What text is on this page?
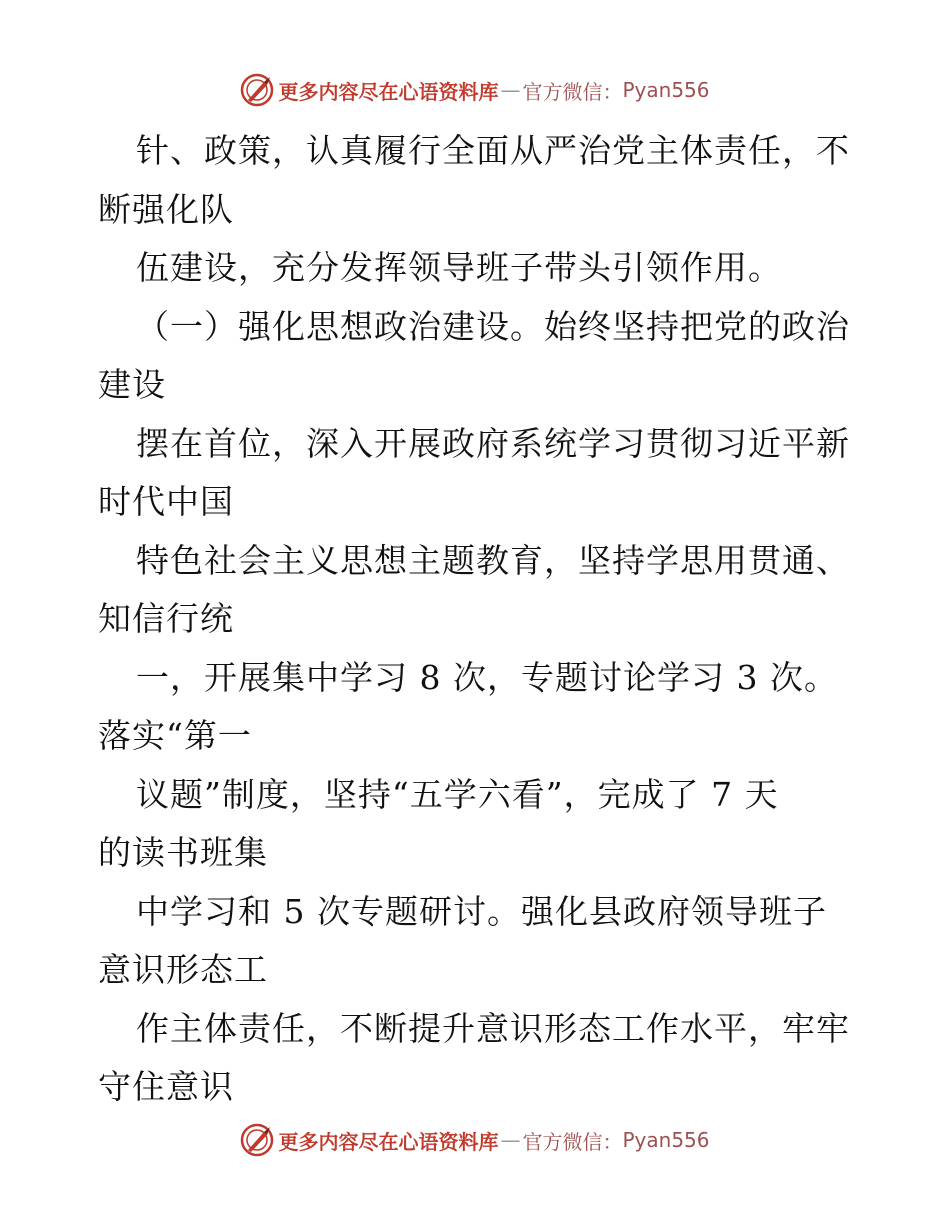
更多内容尽在心语资料库 — 官方微信： Pyan556
针、政策，认真履行全面从严治党主体责任，不
断强化队
伍建设，充分发挥领导班子带头引领作用。
（一）强化思想政治建设。始终坚持把党的政治
建设
摆在首位，深入开展政府系统学习贯彻习近平新
时代中国
特色社会主义思想主题教育，坚持学思用贯通、
知信行统
一，开展集中学习 8 次，专题讨论学习 3 次。
落实“第一
议题”制度，坚持“五学六看”，完成了 7 天
的读书班集
中学习和 5 次专题研讨。强化县政府领导班子
意识形态工
作主体责任，不断提升意识形态工作水平，牢牢
守住意识
更多内容尽在心语资料库 — 官方微信： Pyan556
